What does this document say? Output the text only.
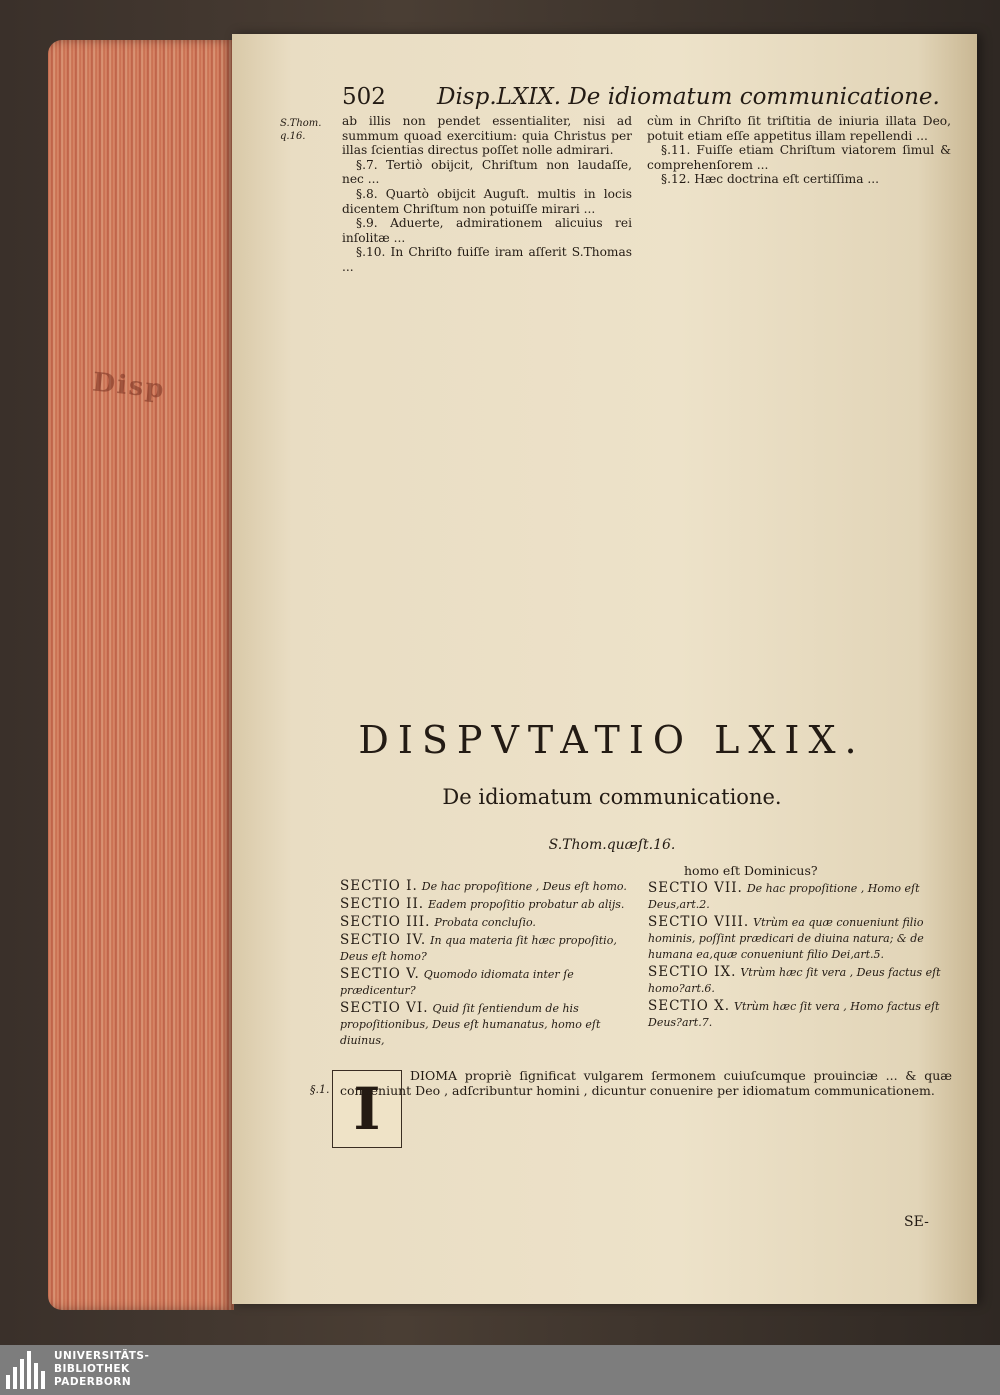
Disp
502 Disp.LXIX. De idiomatum communicatione.
S.Thom. q.16.

ab illis non pendet essentialiter, nisi ad summum quoad exercitium: quia Christus per illas ſcientias directus poſſet nolle admirari.

§.7. Tertiò obijcit, Chriſtum non laudaſſe, nec ...

§.8. Quartò obijcit Auguſt. multis in locis dicentem Chriſtum non potuiſſe mirari ...

§.9. Aduerte, admirationem alicuius rei inſolitæ ...

§.10. In Chriſto fuiſſe iram aſſerit S.Thomas ...

cùm in Chriſto ſit triſtitia de iniuria illata Deo, potuit etiam eſſe appetitus illam repellendi ...

§.11. Fuiſſe etiam Chriſtum viatorem ſimul & comprehenſorem ...

§.12. Hæc doctrina eſt certiſſima ...

DISPVTATIO LXIX.
De idiomatum communicatione.
S.Thom.quæſt.16.
SECTIO I. De hac propoſitione , Deus eſt homo.
SECTIO II. Eadem propoſitio probatur ab alijs.
SECTIO III. Probata concluſio.
SECTIO IV. In qua materia ſit hæc propoſitio, Deus eſt homo?
SECTIO V. Quomodo idiomata inter ſe prædicentur?
SECTIO VI. Quid ſit ſentiendum de his propoſitionibus, Deus eſt humanatus, homo eſt diuinus,
homo eſt Dominicus?
SECTIO VII. De hac propoſitione , Homo eſt Deus,art.2.
SECTIO VIII. Vtrùm ea quæ conueniunt filio hominis, poſſint prædicari de diuina natura; & de humana ea,quæ conueniunt filio Dei,art.5.
SECTIO IX. Vtrùm hæc ſit vera , Deus factus eſt homo?art.6.
SECTIO X. Vtrùm hæc ſit vera , Homo factus eſt Deus?art.7.
§.1. I	DIOMA propriè ſignificat vulgarem ſermonem cuiuſcumque prouinciæ ... & quæ conueniunt Deo , adſcribuntur homini , dicuntur conuenire per idiomatum communicationem.
SE-
UNIVERSITÄTS-
BIBLIOTHEK
PADERBORN
